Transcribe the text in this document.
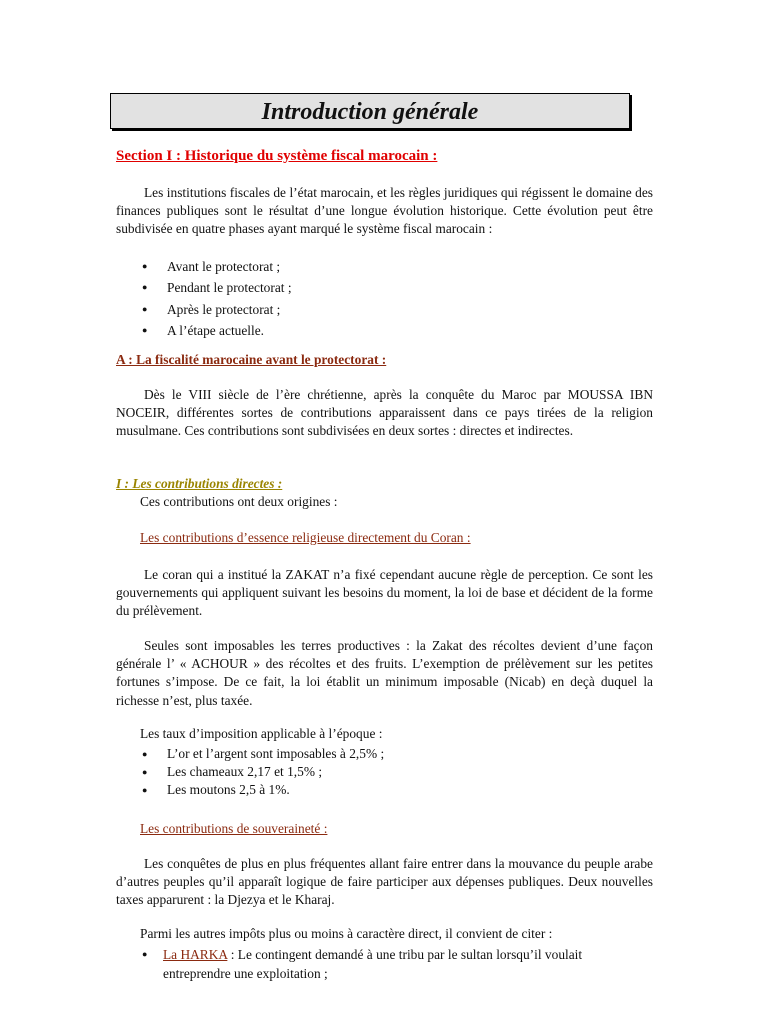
Introduction générale

Section I : Historique du système fiscal marocain :

Les institutions fiscales de l’état marocain, et les règles juridiques qui régissent le domaine des finances publiques sont le résultat d’une longue évolution historique. Cette évolution peut être subdivisée en quatre phases ayant marqué le système fiscal marocain :

● Avant le protectorat ;
● Pendant le protectorat ;
● Après le protectorat ;
● A l’étape actuelle.

A : La fiscalité marocaine avant le protectorat :

Dès le VIII siècle de l’ère chrétienne, après la conquête du Maroc par MOUSSA IBN NOCEIR, différentes sortes de contributions apparaissent dans ce pays tirées de la religion musulmane. Ces contributions sont subdivisées en deux sortes : directes et indirectes.

I : Les contributions directes :

Ces contributions ont deux origines :

Les contributions d’essence religieuse directement du Coran :

Le coran qui a institué la ZAKAT n’a fixé cependant aucune règle de perception. Ce sont les gouvernements qui appliquent suivant les besoins du moment, la loi de base et décident de la forme du prélèvement.

Seules sont imposables les terres productives : la Zakat des récoltes devient d’une façon générale l’ « ACHOUR » des récoltes et des fruits. L’exemption de prélèvement sur les petites fortunes s’impose. De ce fait, la loi établit un minimum imposable (Nicab) en deçà duquel la richesse n’est, plus taxée.

Les taux d’imposition applicable à l’époque :

● L’or et l’argent sont imposables à 2,5% ;
● Les chameaux 2,17 et 1,5% ;
● Les moutons 2,5 à 1%.

Les contributions de souveraineté :

Les conquêtes de plus en plus fréquentes allant faire entrer dans la mouvance du peuple arabe d’autres peuples qu’il apparaît logique de faire participer aux dépenses publiques. Deux nouvelles taxes apparurent : la Djezya et le Kharaj.

Parmi les autres impôts plus ou moins à caractère direct, il convient de citer :

● La HARKA : Le contingent demandé à une tribu par le sultan lorsqu’il voulait entreprendre une exploitation ;
